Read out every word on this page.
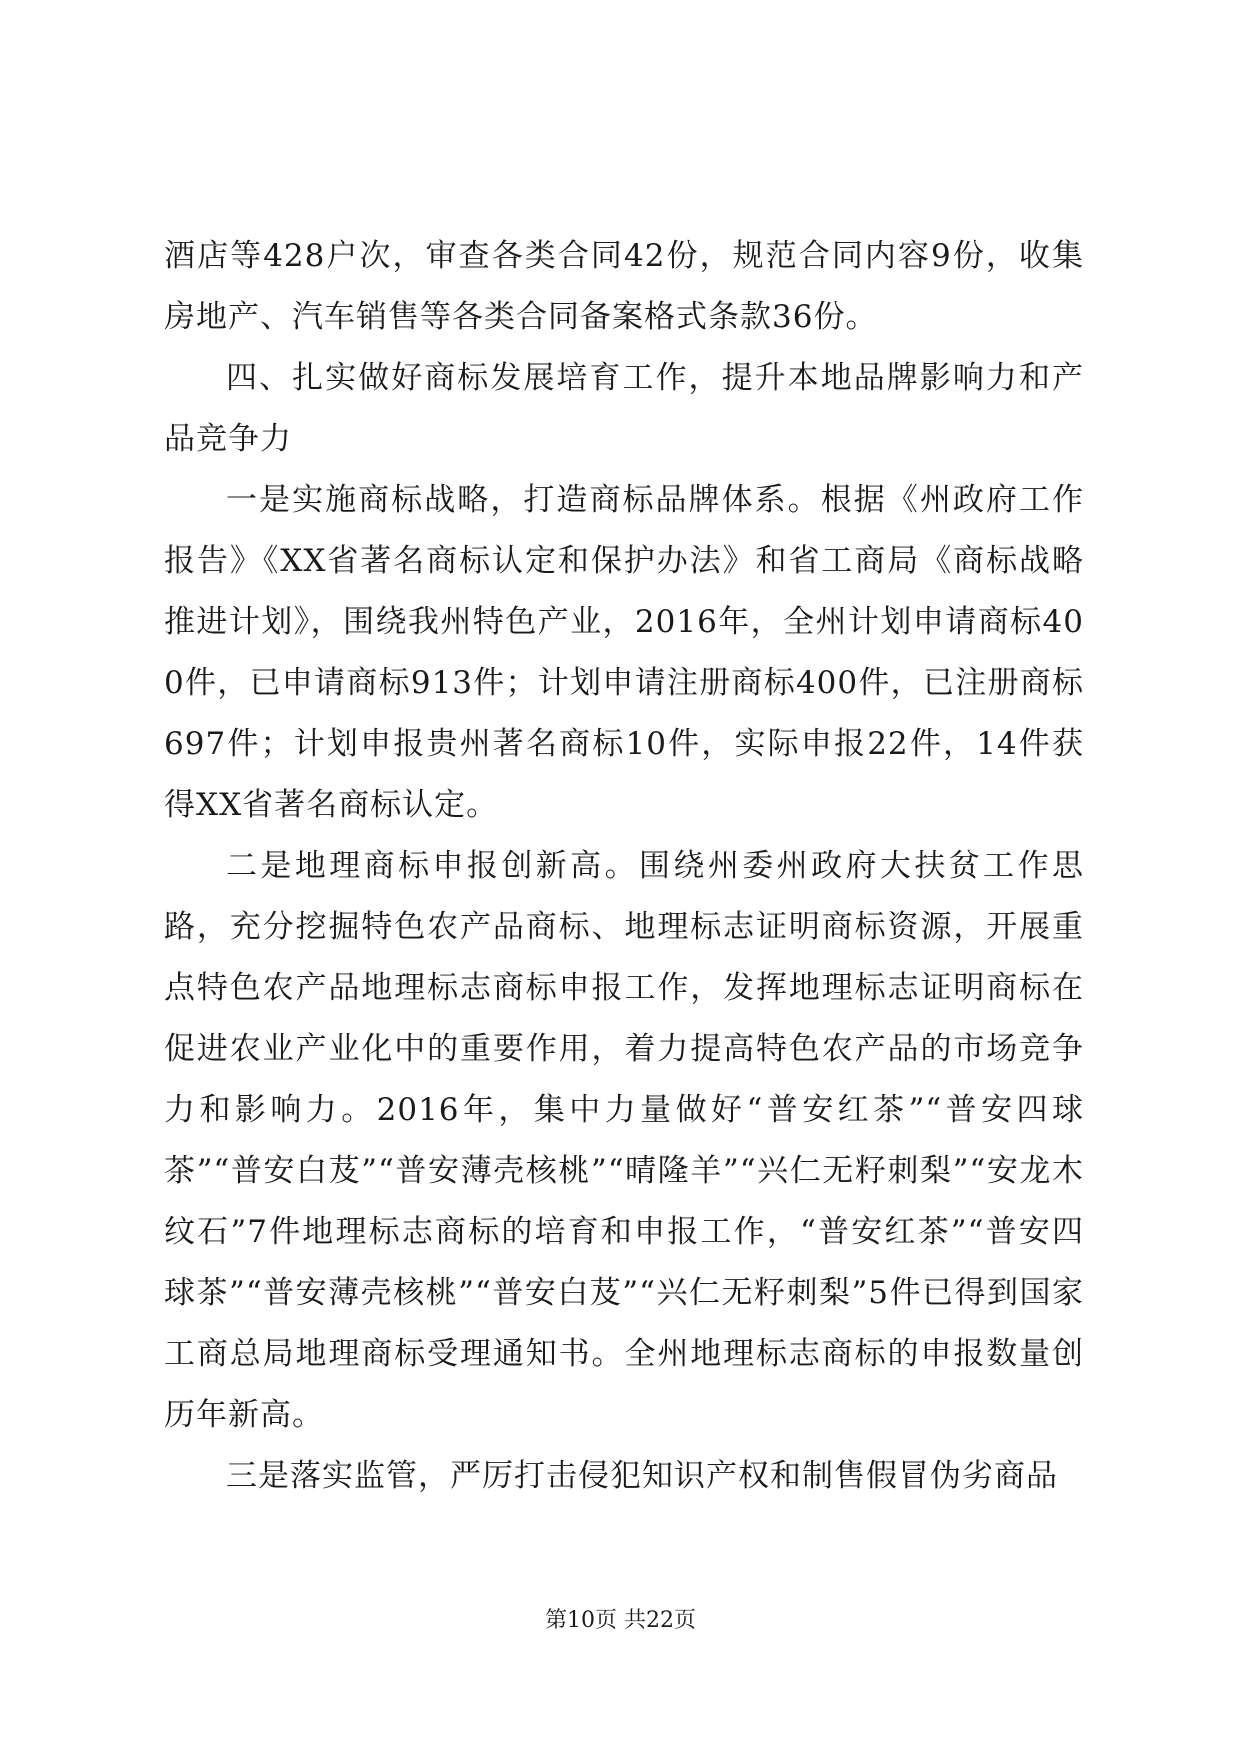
酒店等428户次，审查各类合同42份，规范合同内容9份，收集房地产、汽车销售等各类合同备案格式条款36份。

四、扎实做好商标发展培育工作，提升本地品牌影响力和产品竞争力

一是实施商标战略，打造商标品牌体系。根据《州政府工作报告》《XX省著名商标认定和保护办法》和省工商局《商标战略推进计划》，围绕我州特色产业，2016年，全州计划申请商标400件，已申请商标913件；计划申请注册商标400件，已注册商标697件；计划申报贵州著名商标10件，实际申报22件，14件获得XX省著名商标认定。

二是地理商标申报创新高。围绕州委州政府大扶贫工作思路，充分挖掘特色农产品商标、地理标志证明商标资源，开展重点特色农产品地理标志商标申报工作，发挥地理标志证明商标在促进农业产业化中的重要作用，着力提高特色农产品的市场竞争力和影响力。2016年，集中力量做好“普安红茶”“普安四球茶”“普安白芨”“普安薄壳核桃”“晴隆羊”“兴仁无籽刺梨”“安龙木纹石”7件地理标志商标的培育和申报工作，“普安红茶”“普安四球茶”“普安薄壳核桃”“普安白芨”“兴仁无籽刺梨”5件已得到国家工商总局地理商标受理通知书。全州地理标志商标的申报数量创历年新高。

三是落实监管，严厉打击侵犯知识产权和制售假冒伪劣商品

第10页 共22页
